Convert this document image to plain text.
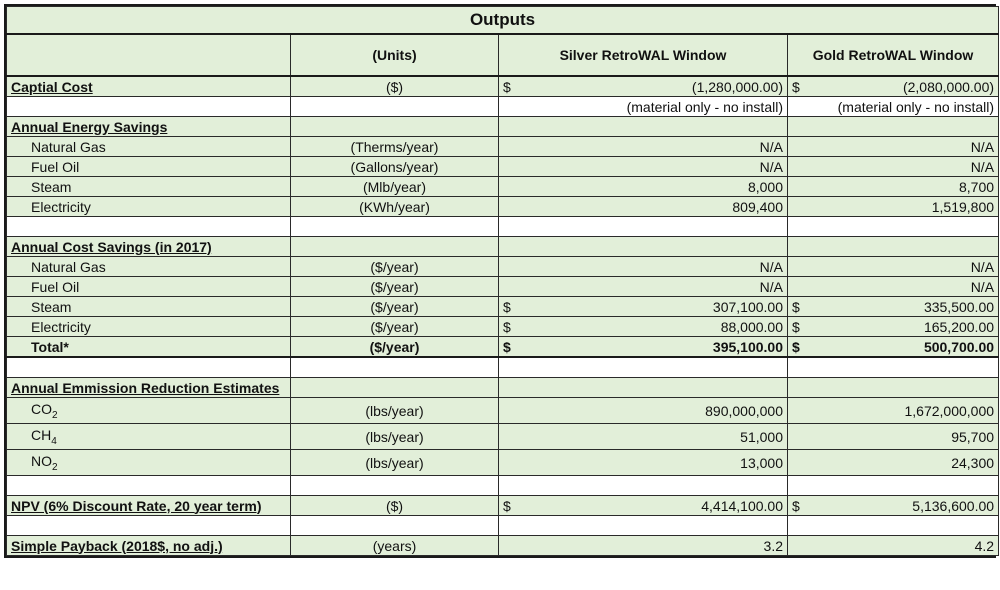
Outputs			
	(Units)	Silver RetroWAL Window	Gold RetroWAL Window
Captial Cost	($)	$ (1,280,000.00)	$ (2,080,000.00)

		(material only - no install)	(material only - no install)
Annual Energy Savings			
Natural Gas	(Therms/year)	N/A	N/A
Fuel Oil	(Gallons/year)	N/A	N/A
Steam	(Mlb/year)	8,000	8,700
Electricity	(KWh/year)	809,400	1,519,800

Annual Cost Savings (in 2017)			
Natural Gas	($/year)	N/A	N/A

Fuel Oil	($/year)	N/A	N/A

Steam	($/year)	$ 307,100.00	$ 335,500.00

Electricity	($/year)	$ 88,000.00	$ 165,200.00

Total*	($/year)	$ 395,100.00	$ 500,700.00

Annual Emmission Reduction Estimates			
$CO_2$	(lbs/year)	890,000,000	1,672,000,000
$CH_4$	(lbs/year)	51,000	95,700
$NO_2$	(lbs/year)	13,000	24,300

NPV (6% Discount Rate, 20 year term)	($)	$ 4,414,100.00	$ 5,136,600.00

Simple Payback (2018$, no adj.)	(years)	3.2	4.2
